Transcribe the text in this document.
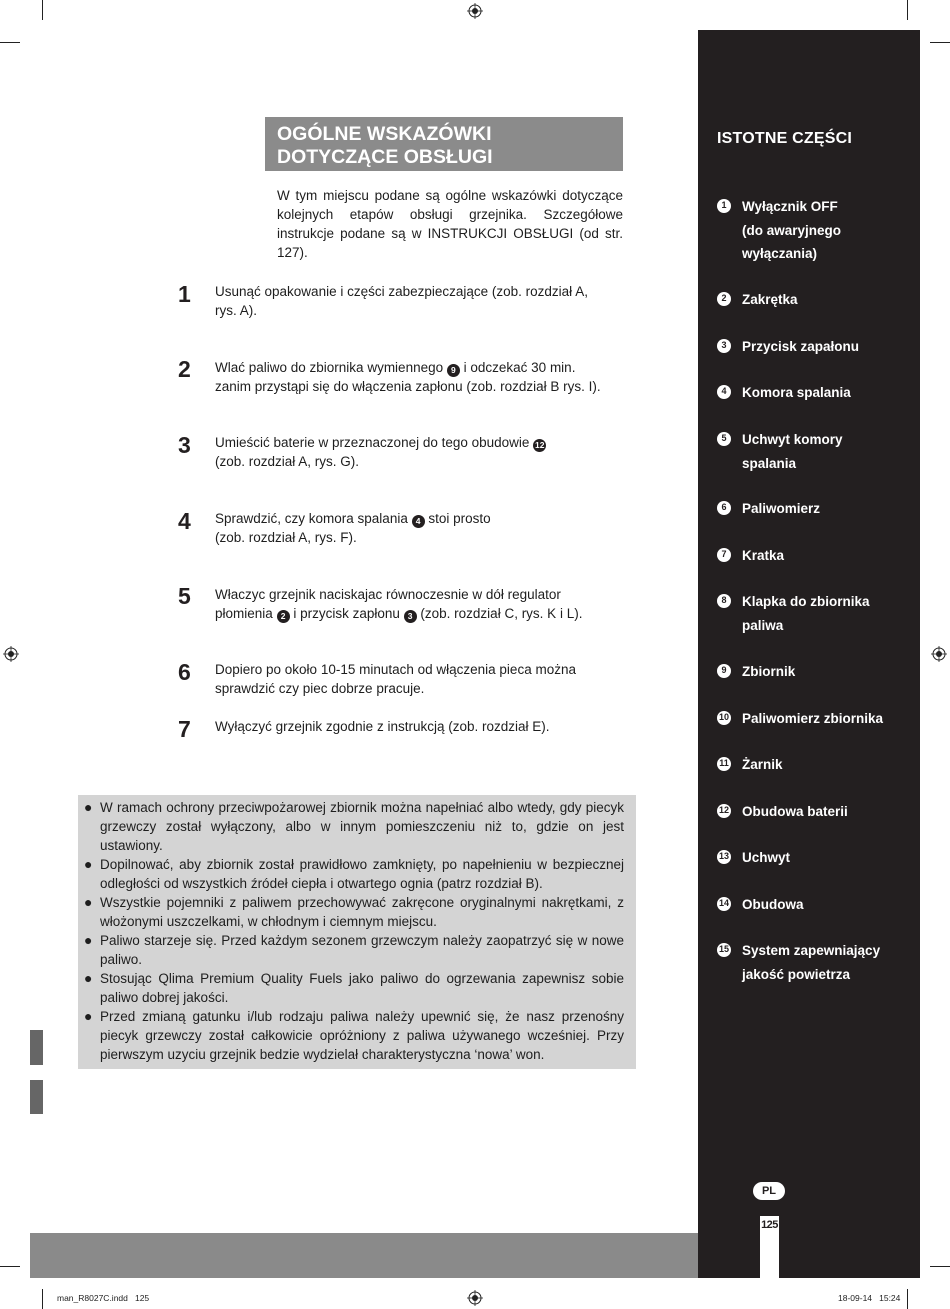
OGÓLNE WSKAZÓWKI
DOTYCZĄCE OBSŁUGI
W tym miejscu podane są ogólne wskazówki dotyczące kolejnych etapów obsługi grzejnika. Szczegółowe instrukcje podane są w INSTRUKCJI OBSŁUGI (od str. 127).
1 Usunąć opakowanie i części zabezpieczające (zob. rozdział A,
rys. A).
2 Wlać paliwo do zbiornika wymiennego 9 i odczekać 30 min.
zanim przystąpi się do włączenia zapłonu (zob. rozdział B rys. I).
3 Umieścić baterie w przeznaczonej do tego obudowie 12
(zob. rozdział A, rys. G).
4 Sprawdzić, czy komora spalania 4 stoi prosto
(zob. rozdział A, rys. F).
5 Właczyc grzejnik naciskajac równoczesnie w dół regulator
płomienia 2 i przycisk zapłonu 3 (zob. rozdział C, rys. K i L).
6 Dopiero po około 10-15 minutach od włączenia pieca można
sprawdzić czy piec dobrze pracuje.
7 Wyłączyć grzejnik zgodnie z instrukcją (zob. rozdział E).
● W ramach ochrony przeciwpożarowej zbiornik można napełniać albo wtedy, gdy piecyk grzewczy został wyłączony, albo w innym pomieszczeniu niż to, gdzie on jest ustawiony.
● Dopilnować, aby zbiornik został prawidłowo zamknięty, po napełnieniu w bezpiecznej odległości od wszystkich źródeł ciepła i otwartego ognia (patrz rozdział B).
● Wszystkie pojemniki z paliwem przechowywać zakręcone oryginalnymi nakrętkami, z włożonymi uszczelkami, w chłodnym i ciemnym miejscu.
● Paliwo starzeje się. Przed każdym sezonem grzewczym należy zaopatrzyć się w nowe paliwo.
● Stosując Qlima Premium Quality Fuels jako paliwo do ogrzewania zapewnisz sobie paliwo dobrej jakości.
● Przed zmianą gatunku i/lub rodzaju paliwa należy upewnić się, że nasz przenośny piecyk grzewczy został całkowicie opróżniony z paliwa używanego wcześniej. Przy pierwszym uzyciu grzejnik bedzie wydzielał charakterystyczna ‘nowa’ won.
ISTOTNE CZĘŚCI
1	Wyłącznik OFF
(do awaryjnego
wyłączania)
2	Zakrętka
3	Przycisk zapałonu
4	Komora spalania
5	Uchwyt komory
spalania
6	Paliwomierz
7	Kratka
8	Klapka do zbiornika
paliwa
9	Zbiornik
10 Paliwomierz zbiornika
11 Żarnik
12 Obudowa baterii
13 Uchwyt
14 Obudowa
15 System zapewniający
jakość powietrza
PL
125
man_R8027C.indd   125	18-09-14   15:24
